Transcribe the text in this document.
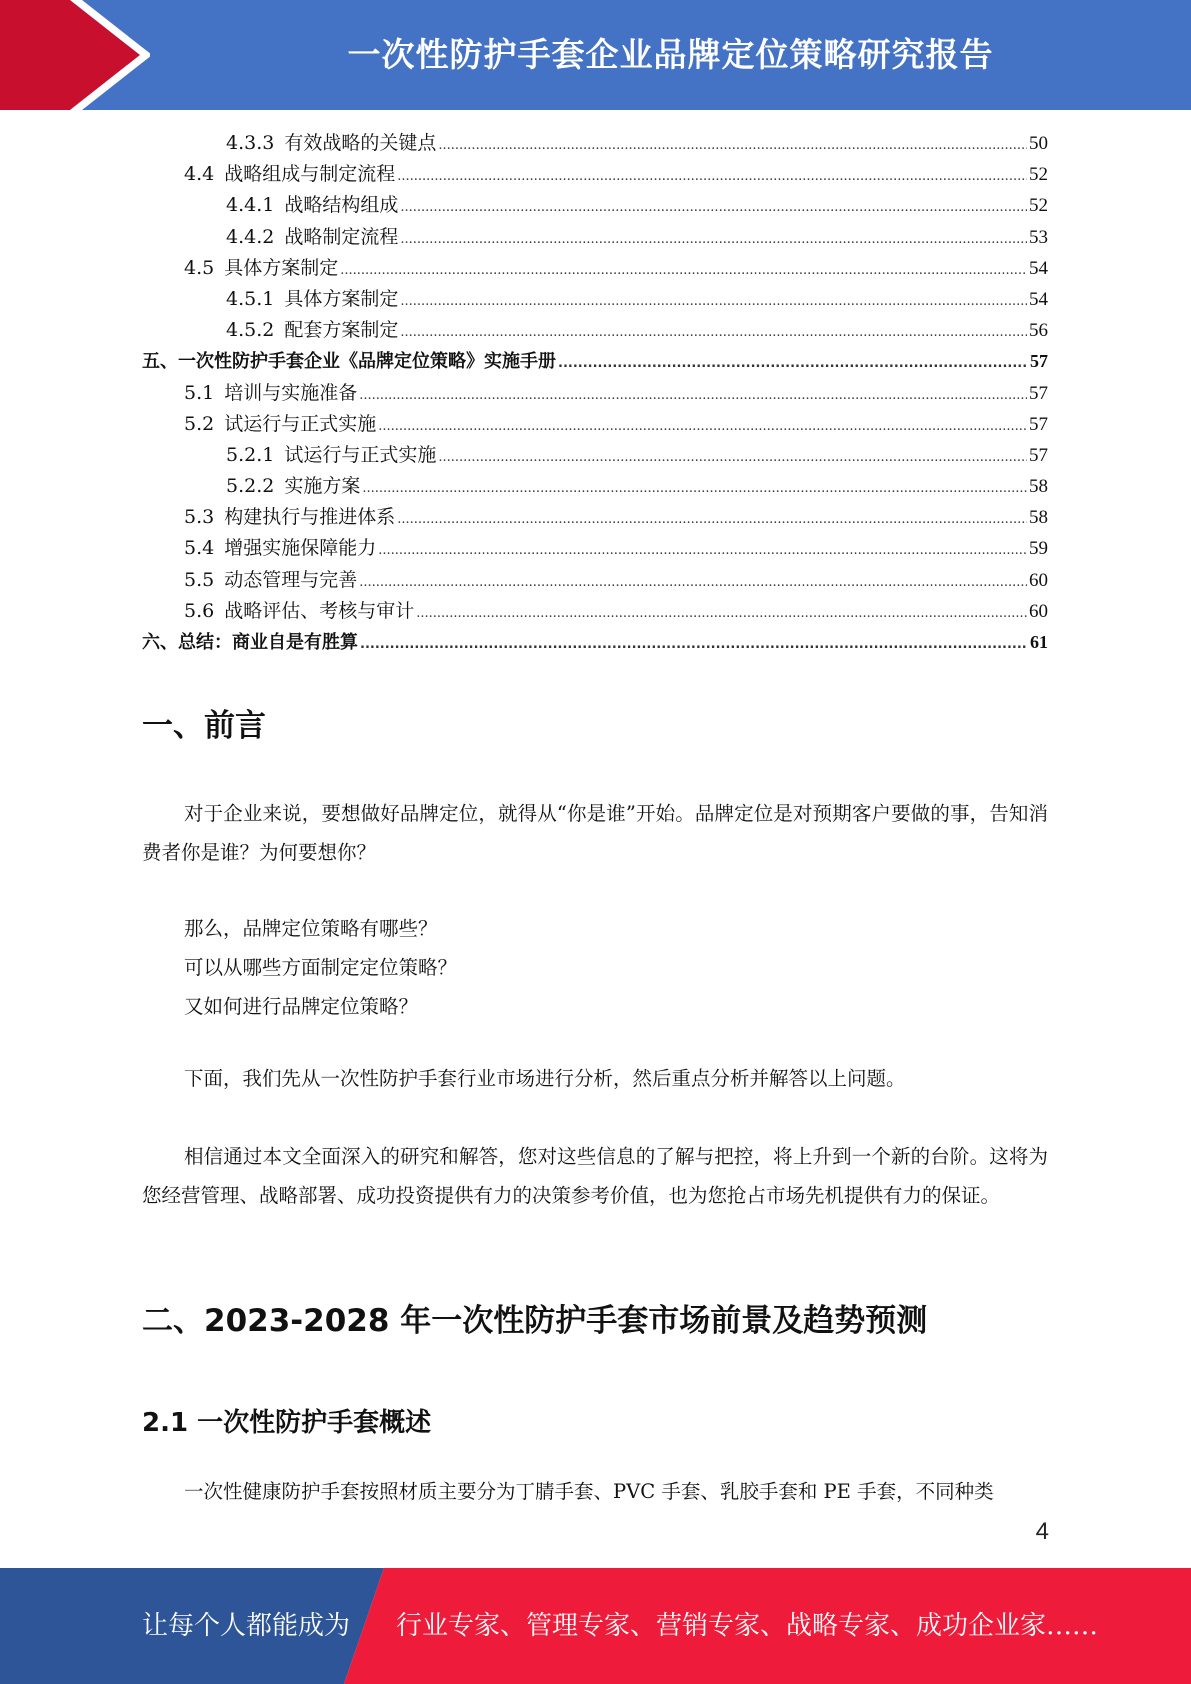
一次性防护手套企业品牌定位策略研究报告
4.3.3 有效战略的关键点 .....	50
4.4 战略组成与制定流程 .....	52
4.4.1 战略结构组成 .....	52
4.4.2 战略制定流程 .....	53
4.5 具体方案制定 .....	54
4.5.1 具体方案制定 .....	54
4.5.2 配套方案制定 .....	56
五、一次性防护手套企业《品牌定位策略》实施手册 .....	57
5.1 培训与实施准备 .....	57
5.2 试运行与正式实施 .....	57
5.2.1 试运行与正式实施 .....	57
5.2.2 实施方案 .....	58
5.3 构建执行与推进体系 .....	58
5.4 增强实施保障能力 .....	59
5.5 动态管理与完善 .....	60
5.6 战略评估、考核与审计 .....	60
六、总结：商业自是有胜算 .....	61
一、前言
对于企业来说，要想做好品牌定位，就得从“你是谁”开始。品牌定位是对预期客户要做的事，告知消费者你是谁？为何要想你？
那么，品牌定位策略有哪些？
可以从哪些方面制定定位策略？
又如何进行品牌定位策略？
下面，我们先从一次性防护手套行业市场进行分析，然后重点分析并解答以上问题。
相信通过本文全面深入的研究和解答，您对这些信息的了解与把控，将上升到一个新的台阶。这将为您经营管理、战略部署、成功投资提供有力的决策参考价值，也为您抢占市场先机提供有力的保证。
二、2023-2028 年一次性防护手套市场前景及趋势预测
2.1 一次性防护手套概述
一次性健康防护手套按照材质主要分为丁腈手套、PVC 手套、乳胶手套和 PE 手套，不同种类
4
让每个人都能成为 行业专家、管理专家、营销专家、战略专家、成功企业家……
